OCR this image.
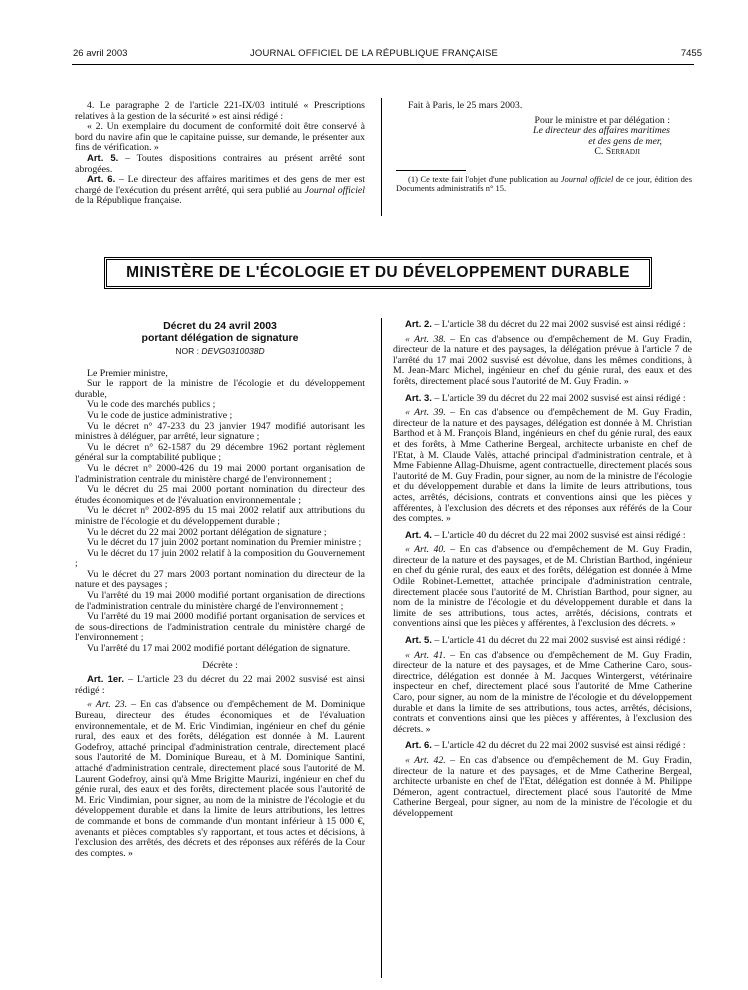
26 avril 2003	JOURNAL OFFICIEL DE LA RÉPUBLIQUE FRANÇAISE	7455

4. Le paragraphe 2 de l'article 221-IX/03 intitulé « Prescriptions relatives à la gestion de la sécurité » est ainsi rédigé :

« 2. Un exemplaire du document de conformité doit être conservé à bord du navire afin que le capitaine puisse, sur demande, le présenter aux fins de vérification. »

Art. 5. – Toutes dispositions contraires au présent arrêté sont abrogées.

Art. 6. – Le directeur des affaires maritimes et des gens de mer est chargé de l'exécution du présent arrêté, qui sera publié au Journal officiel de la République française.

Fait à Paris, le 25 mars 2003.

Pour le ministre et par délégation :

Le directeur des affaires maritimes

et des gens de mer,

C. Serradji

(1) Ce texte fait l'objet d'une publication au Journal officiel de ce jour, édition des Documents administratifs n° 15.

MINISTÈRE DE L'ÉCOLOGIE ET DU DÉVELOPPEMENT DURABLE
Décret du 24 avril 2003
portant délégation de signature
NOR : DEVG0310038D

Le Premier ministre,

Sur le rapport de la ministre de l'écologie et du développement durable,

Vu le code des marchés publics ;

Vu le code de justice administrative ;

Vu le décret n° 47-233 du 23 janvier 1947 modifié autorisant les ministres à déléguer, par arrêté, leur signature ;

Vu le décret n° 62-1587 du 29 décembre 1962 portant règlement général sur la comptabilité publique ;

Vu le décret n° 2000-426 du 19 mai 2000 portant organisation de l'administration centrale du ministère chargé de l'environnement ;

Vu le décret du 25 mai 2000 portant nomination du directeur des études économiques et de l'évaluation environnementale ;

Vu le décret n° 2002-895 du 15 mai 2002 relatif aux attributions du ministre de l'écologie et du développement durable ;

Vu le décret du 22 mai 2002 portant délégation de signature ;

Vu le décret du 17 juin 2002 portant nomination du Premier ministre ;

Vu le décret du 17 juin 2002 relatif à la composition du Gouvernement ;

Vu le décret du 27 mars 2003 portant nomination du directeur de la nature et des paysages ;

Vu l'arrêté du 19 mai 2000 modifié portant organisation de directions de l'administration centrale du ministère chargé de l'environnement ;

Vu l'arrêté du 19 mai 2000 modifié portant organisation de services et de sous-directions de l'administration centrale du ministère chargé de l'environnement ;

Vu l'arrêté du 17 mai 2002 modifié portant délégation de signature.

Décrète :

Art. 1er. – L'article 23 du décret du 22 mai 2002 susvisé est ainsi rédigé :

« Art. 23. – En cas d'absence ou d'empêchement de M. Dominique Bureau, directeur des études économiques et de l'évaluation environnementale, et de M. Eric Vindimian, ingénieur en chef du génie rural, des eaux et des forêts, délégation est donnée à M. Laurent Godefroy, attaché principal d'administration centrale, directement placé sous l'autorité de M. Dominique Bureau, et à M. Dominique Santini, attaché d'administration centrale, directement placé sous l'autorité de M. Laurent Godefroy, ainsi qu'à Mme Brigitte Maurizi, ingénieur en chef du génie rural, des eaux et des forêts, directement placée sous l'autorité de M. Eric Vindimian, pour signer, au nom de la ministre de l'écologie et du développement durable et dans la limite de leurs attributions, les lettres de commande et bons de commande d'un montant inférieur à 15 000 €, avenants et pièces comptables s'y rapportant, et tous actes et décisions, à l'exclusion des arrêtés, des décrets et des réponses aux référés de la Cour des comptes. »

Art. 2. – L'article 38 du décret du 22 mai 2002 susvisé est ainsi rédigé :

« Art. 38. – En cas d'absence ou d'empêchement de M. Guy Fradin, directeur de la nature et des paysages, la délégation prévue à l'article 7 de l'arrêté du 17 mai 2002 susvisé est dévolue, dans les mêmes conditions, à M. Jean-Marc Michel, ingénieur en chef du génie rural, des eaux et des forêts, directement placé sous l'autorité de M. Guy Fradin. »

Art. 3. – L'article 39 du décret du 22 mai 2002 susvisé est ainsi rédigé :

« Art. 39. – En cas d'absence ou d'empêchement de M. Guy Fradin, directeur de la nature et des paysages, délégation est donnée à M. Christian Barthod et à M. François Bland, ingénieurs en chef du génie rural, des eaux et des forêts, à Mme Catherine Bergeal, architecte urbaniste en chef de l'Etat, à M. Claude Valès, attaché principal d'administration centrale, et à Mme Fabienne Allag-Dhuisme, agent contractuelle, directement placés sous l'autorité de M. Guy Fradin, pour signer, au nom de la ministre de l'écologie et du développement durable et dans la limite de leurs attributions, tous actes, arrêtés, décisions, contrats et conventions ainsi que les pièces y afférentes, à l'exclusion des décrets et des réponses aux référés de la Cour des comptes. »

Art. 4. – L'article 40 du décret du 22 mai 2002 susvisé est ainsi rédigé :

« Art. 40. – En cas d'absence ou d'empêchement de M. Guy Fradin, directeur de la nature et des paysages, et de M. Christian Barthod, ingénieur en chef du génie rural, des eaux et des forêts, délégation est donnée à Mme Odile Robinet-Lemettet, attachée principale d'administration centrale, directement placée sous l'autorité de M. Christian Barthod, pour signer, au nom de la ministre de l'écologie et du développement durable et dans la limite de ses attributions, tous actes, arrêtés, décisions, contrats et conventions ainsi que les pièces y afférentes, à l'exclusion des décrets. »

Art. 5. – L'article 41 du décret du 22 mai 2002 susvisé est ainsi rédigé :

« Art. 41. – En cas d'absence ou d'empêchement de M. Guy Fradin, directeur de la nature et des paysages, et de Mme Catherine Caro, sous-directrice, délégation est donnée à M. Jacques Wintergerst, vétérinaire inspecteur en chef, directement placé sous l'autorité de Mme Catherine Caro, pour signer, au nom de la ministre de l'écologie et du développement durable et dans la limite de ses attributions, tous actes, arrêtés, décisions, contrats et conventions ainsi que les pièces y afférentes, à l'exclusion des décrets. »

Art. 6. – L'article 42 du décret du 22 mai 2002 susvisé est ainsi rédigé :

« Art. 42. – En cas d'absence ou d'empêchement de M. Guy Fradin, directeur de la nature et des paysages, et de Mme Catherine Bergeal, architecte urbaniste en chef de l'Etat, délégation est donnée à M. Philippe Démeron, agent contractuel, directement placé sous l'autorité de Mme Catherine Bergeal, pour signer, au nom de la ministre de l'écologie et du développement
